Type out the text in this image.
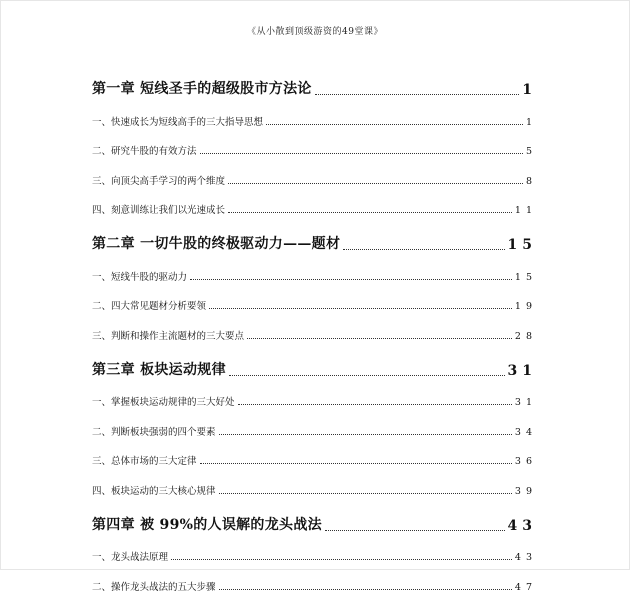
《从小散到顶级游资的49堂课》
第一章 短线圣手的超级股市方法论	1
一、快速成长为短线高手的三大指导思想	1
二、研究牛股的有效方法	5
三、向顶尖高手学习的两个维度	8
四、刻意训练让我们以光速成长	11
第二章 一切牛股的终极驱动力——题材	15
一、短线牛股的驱动力	15
二、四大常见题材分析要领	19
三、判断和操作主流题材的三大要点	28
第三章 板块运动规律	31
一、掌握板块运动规律的三大好处	31
二、判断板块强弱的四个要素	34
三、总体市场的三大定律	36
四、板块运动的三大核心规律	39
第四章 被 99%的人误解的龙头战法	43
一、龙头战法原理	43
二、操作龙头战法的五大步骤	47
